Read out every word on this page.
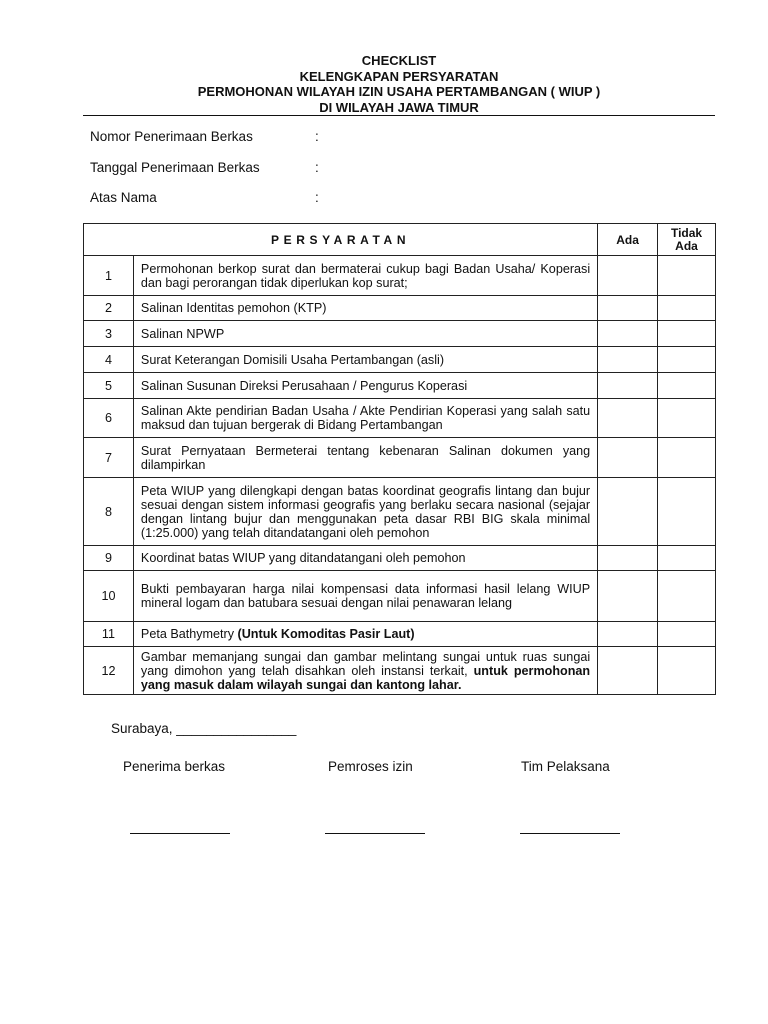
CHECKLIST
KELENGKAPAN PERSYARATAN
PERMOHONAN WILAYAH IZIN USAHA PERTAMBANGAN ( WIUP )
DI WILAYAH JAWA TIMUR
Nomor Penerimaan Berkas	:
Tanggal Penerimaan Berkas	:
Atas Nama	:
PERSYARATAN		Ada	Tidak
Ada
1	Permohonan berkop surat dan bermaterai cukup bagi Badan Usaha/ Koperasi dan bagi perorangan tidak diperlukan kop surat;		
2	Salinan Identitas pemohon (KTP)		
3	Salinan NPWP		
4	Surat Keterangan Domisili Usaha Pertambangan (asli)		
5	Salinan Susunan Direksi Perusahaan / Pengurus Koperasi		
6	Salinan Akte pendirian Badan Usaha / Akte Pendirian Koperasi yang salah satu maksud dan tujuan bergerak di Bidang Pertambangan		
7	Surat Pernyataan Bermeterai tentang kebenaran Salinan dokumen yang dilampirkan		
8	Peta WIUP yang dilengkapi dengan batas koordinat geografis lintang dan bujur sesuai dengan sistem informasi geografis yang berlaku secara nasional (sejajar dengan lintang bujur dan menggunakan peta dasar RBI BIG skala minimal (1:25.000) yang telah ditandatangani oleh pemohon		
9	Koordinat batas WIUP yang ditandatangani oleh pemohon		
10	Bukti pembayaran harga nilai kompensasi data informasi hasil lelang WIUP mineral logam dan batubara sesuai dengan nilai penawaran lelang		
11	Peta Bathymetry (Untuk Komoditas Pasir Laut)		
12	Gambar memanjang sungai dan gambar melintang sungai untuk ruas sungai yang dimohon yang telah disahkan oleh instansi terkait, untuk permohonan yang masuk dalam wilayah sungai dan kantong lahar.		
Surabaya, ________________
Penerima berkas	Pemroses izin	Tim Pelaksana
